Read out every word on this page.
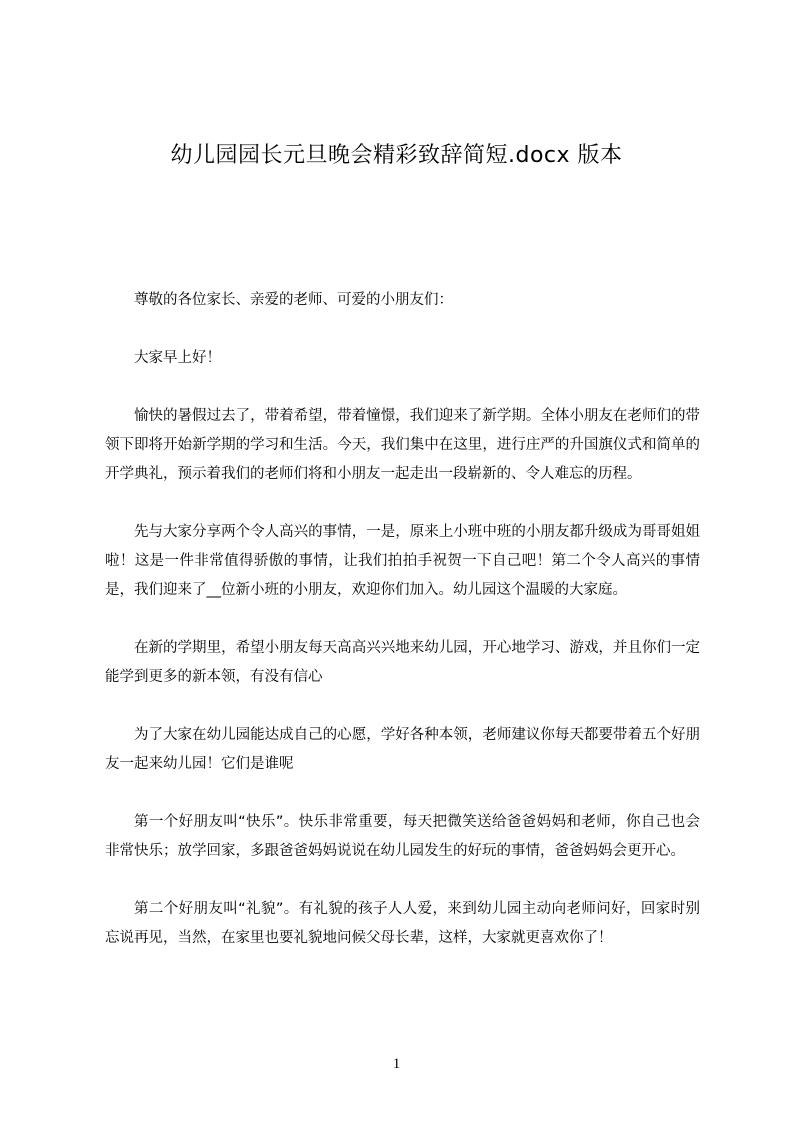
幼儿园园长元旦晚会精彩致辞简短.docx 版本

尊敬的各位家长、亲爱的老师、可爱的小朋友们：

大家早上好！

愉快的暑假过去了，带着希望，带着憧憬，我们迎来了新学期。全体小朋友在老师们的带领下即将开始新学期的学习和生活。今天，我们集中在这里，进行庄严的升国旗仪式和简单的开学典礼，预示着我们的老师们将和小朋友一起走出一段崭新的、令人难忘的历程。

先与大家分享两个令人高兴的事情，一是，原来上小班中班的小朋友都升级成为哥哥姐姐啦！这是一件非常值得骄傲的事情，让我们拍拍手祝贺一下自己吧！第二个令人高兴的事情是，我们迎来了__位新小班的小朋友，欢迎你们加入。幼儿园这个温暖的大家庭。

在新的学期里，希望小朋友每天高高兴兴地来幼儿园，开心地学习、游戏，并且你们一定能学到更多的新本领，有没有信心

为了大家在幼儿园能达成自己的心愿，学好各种本领，老师建议你每天都要带着五个好朋友一起来幼儿园！它们是谁呢

第一个好朋友叫“快乐”。快乐非常重要，每天把微笑送给爸爸妈妈和老师，你自己也会非常快乐；放学回家，多跟爸爸妈妈说说在幼儿园发生的好玩的事情，爸爸妈妈会更开心。

第二个好朋友叫“礼貌”。有礼貌的孩子人人爱，来到幼儿园主动向老师问好，回家时别忘说再见，当然，在家里也要礼貌地问候父母长辈，这样，大家就更喜欢你了！

1
